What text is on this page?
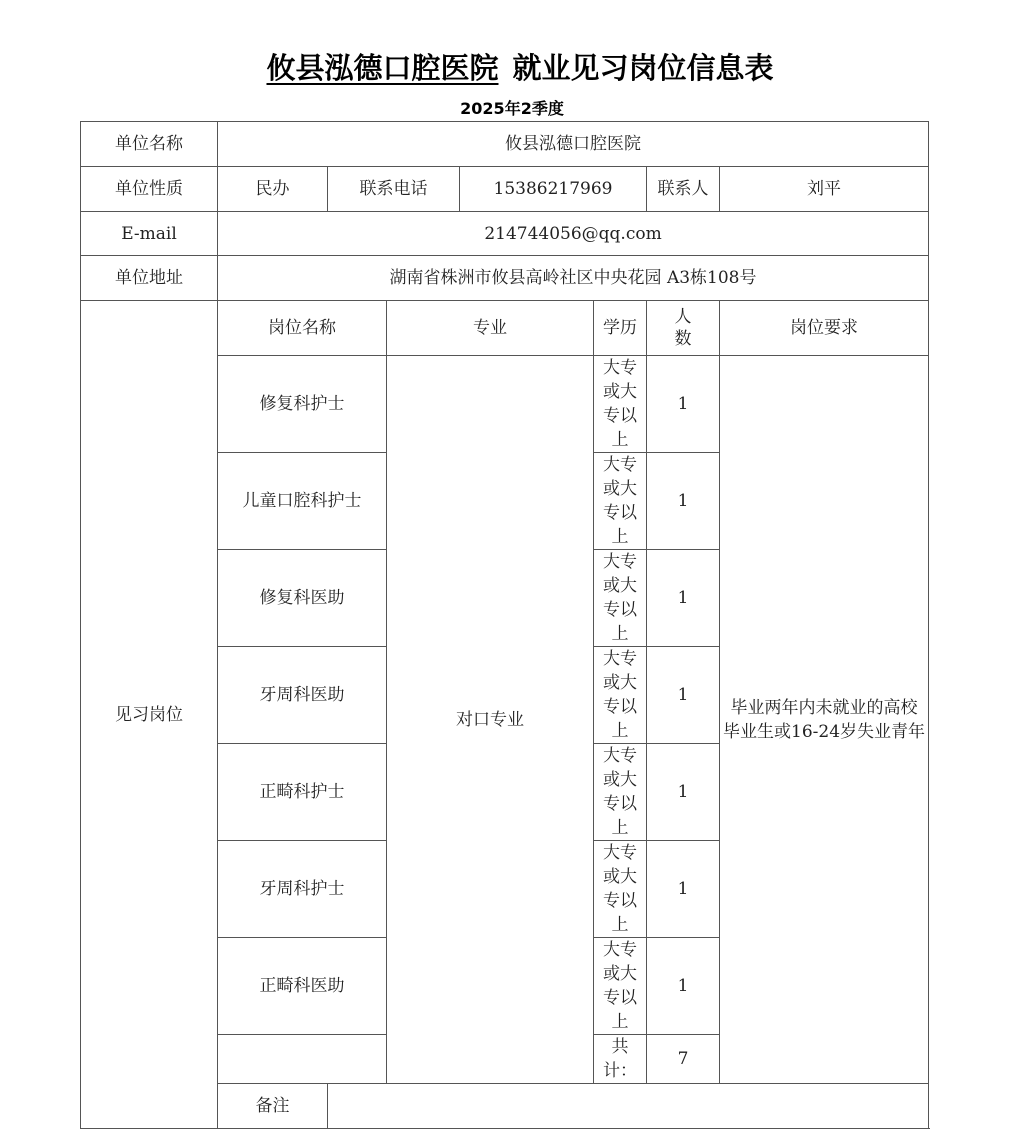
攸县泓德口腔医院 就业见习岗位信息表
2025年2季度
单位名称	攸县泓德口腔医院						
单位性质	民办	联系电话		15386217969		联系人	刘平
E-mail	214744056@qq.com						
单位地址	湖南省株洲市攸县高岭社区中央花园 A3栋108号						
见习岗位	岗位名称		专业		学历	人数	岗位要求
	修复科护士		对口专业		大专或大专以上	1	毕业两年内未就业的高校毕业生或16-24岁失业青年
	儿童口腔科护士				大专或大专以上	1	
	修复科医助				大专或大专以上	1	
	牙周科医助				大专或大专以上	1	
	正畸科护士				大专或大专以上	1	
	牙周科护士				大专或大专以上	1	
	正畸科医助				大专或大专以上	1	
					共计：	7	
	备注						
